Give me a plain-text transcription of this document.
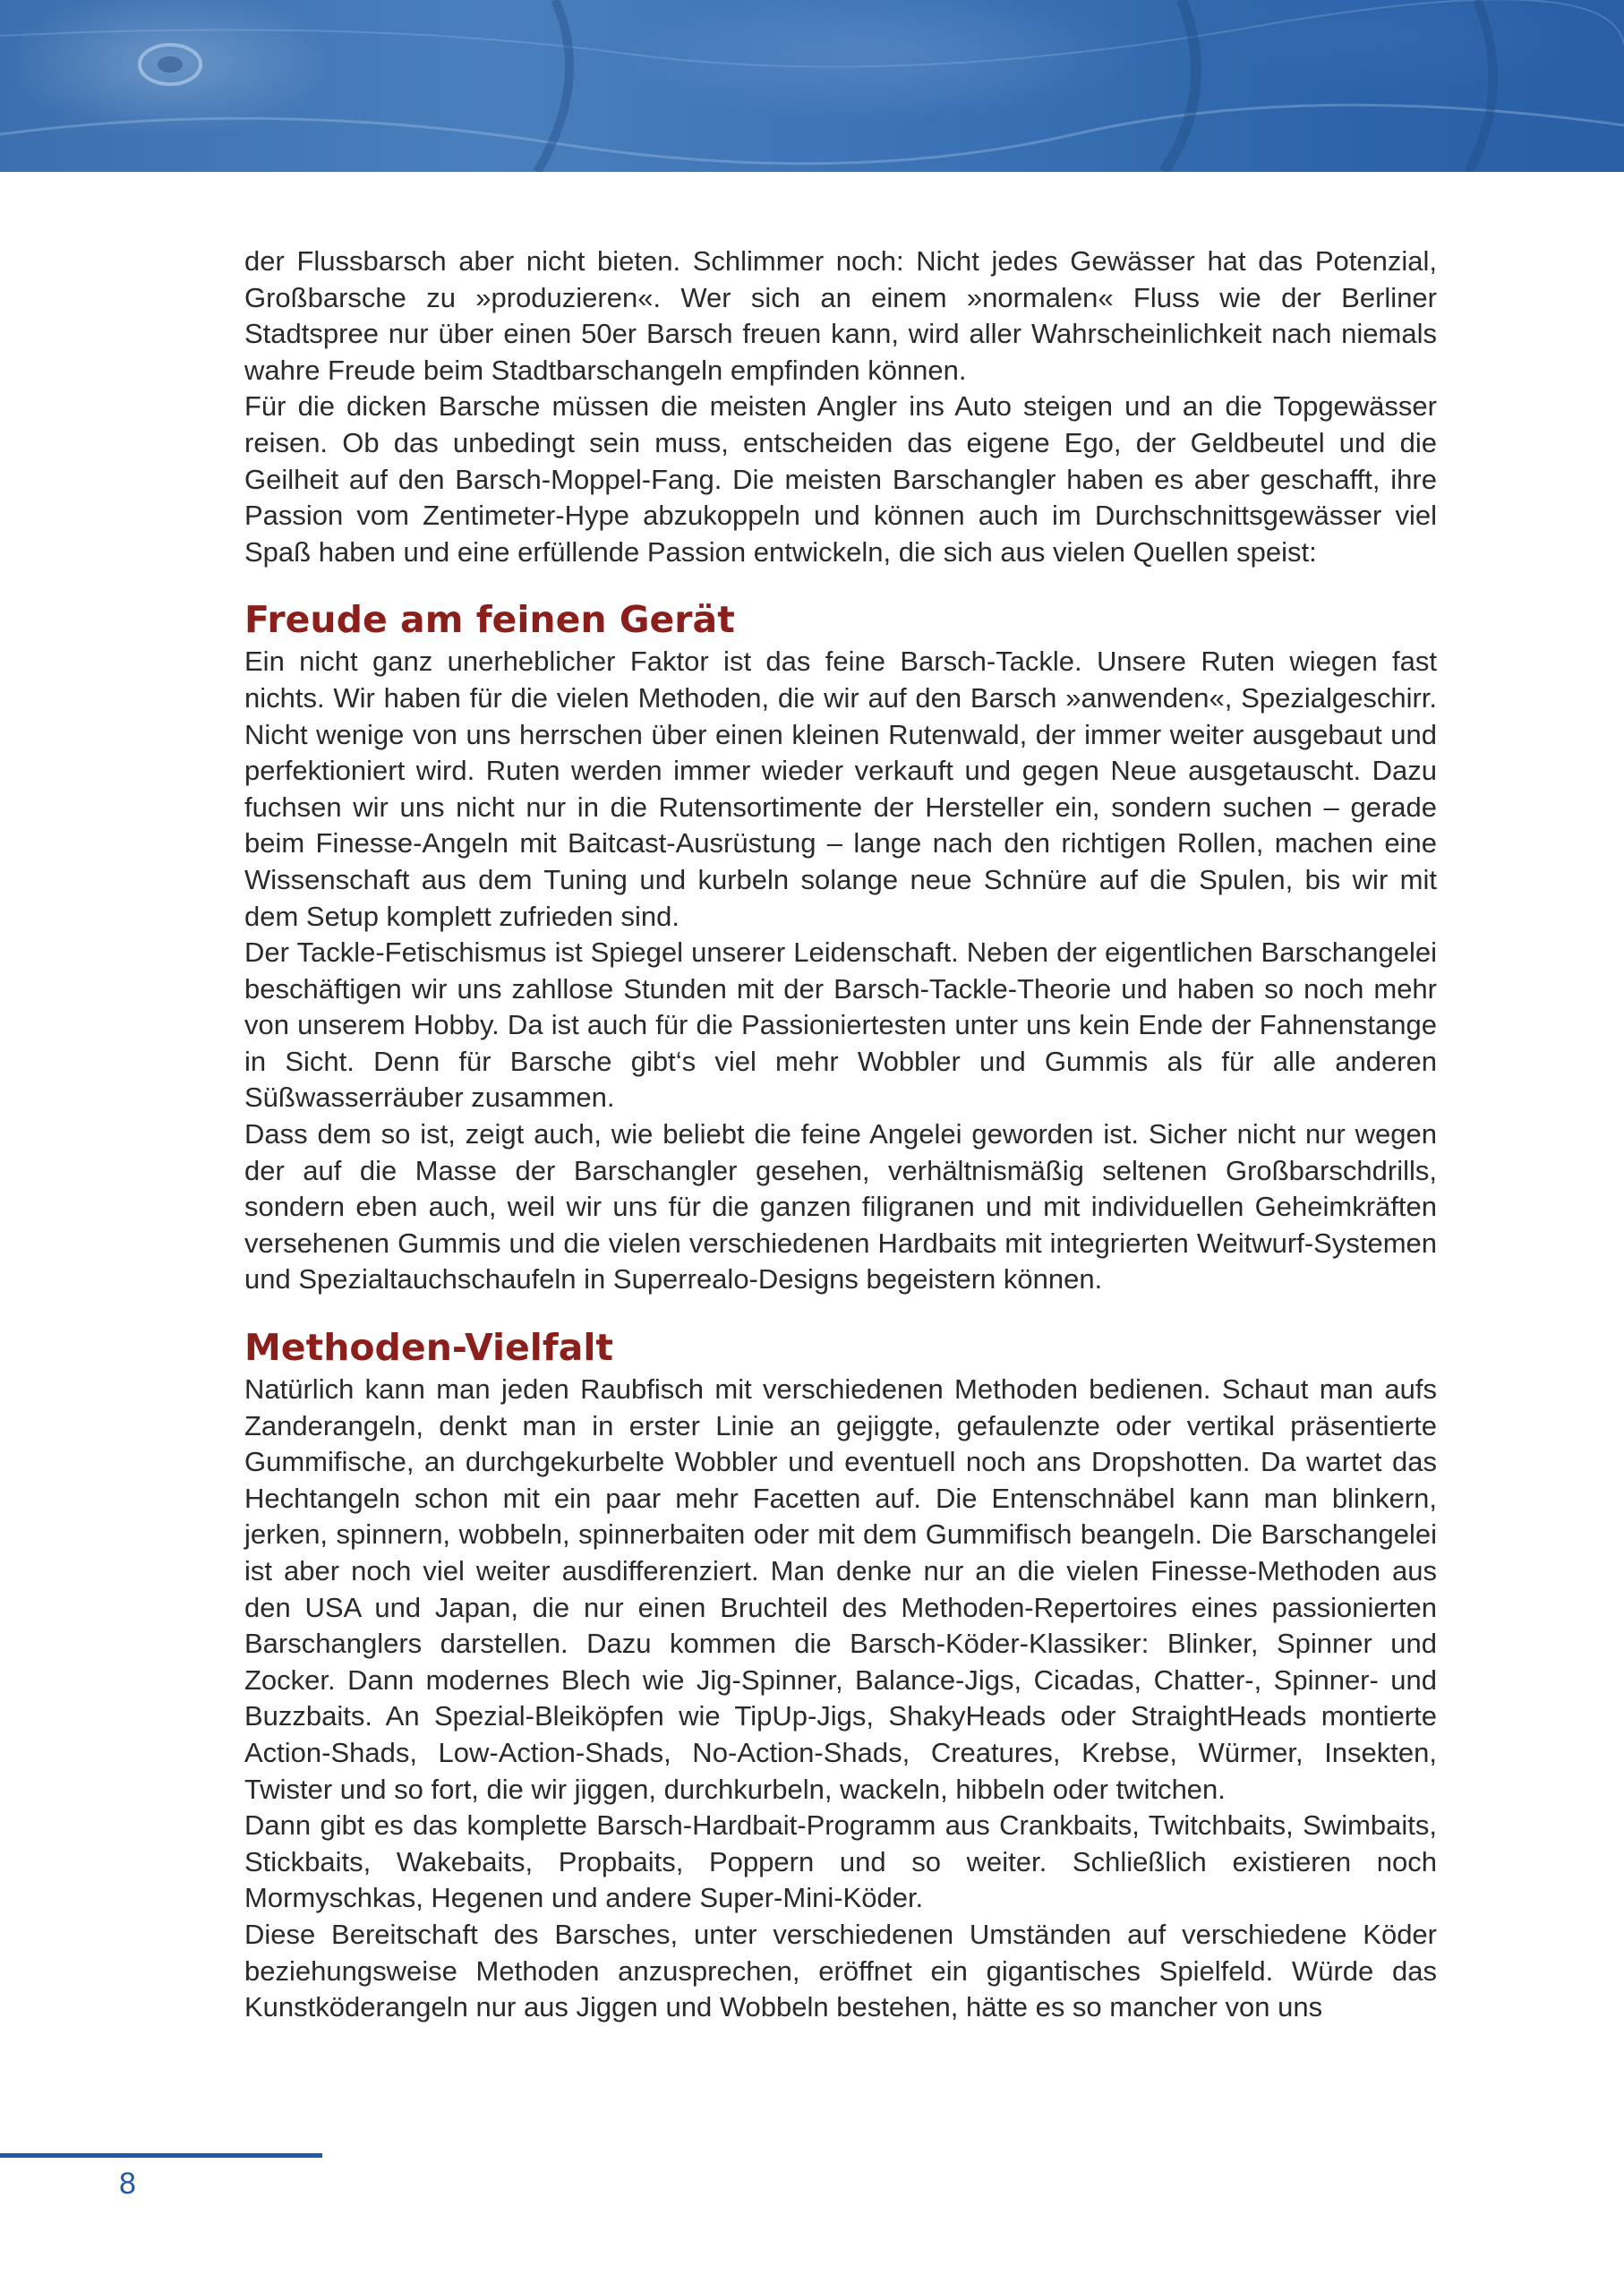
der Flussbarsch aber nicht bieten. Schlimmer noch: Nicht jedes Gewässer hat das Potenzial, Großbarsche zu »produzieren«. Wer sich an einem »normalen« Fluss wie der Berliner Stadtspree nur über einen 50er Barsch freuen kann, wird aller Wahrscheinlichkeit nach niemals wahre Freude beim Stadtbarschangeln empfinden können.

Für die dicken Barsche müssen die meisten Angler ins Auto steigen und an die Topgewässer reisen. Ob das unbedingt sein muss, entscheiden das eigene Ego, der Geldbeutel und die Geilheit auf den Barsch-Moppel-Fang. Die meisten Barschangler haben es aber geschafft, ihre Passion vom Zentimeter-Hype abzukoppeln und können auch im Durchschnittsgewässer viel Spaß haben und eine erfüllende Passion entwickeln, die sich aus vielen Quellen speist:

Freude am feinen Gerät

Ein nicht ganz unerheblicher Faktor ist das feine Barsch-Tackle. Unsere Ruten wiegen fast nichts. Wir haben für die vielen Methoden, die wir auf den Barsch »anwenden«, Spezialgeschirr. Nicht wenige von uns herrschen über einen kleinen Rutenwald, der immer weiter ausgebaut und perfektioniert wird. Ruten werden immer wieder verkauft und gegen Neue ausgetauscht. Dazu fuchsen wir uns nicht nur in die Rutensortimente der Hersteller ein, sondern suchen – gerade beim Finesse-Angeln mit Baitcast-Ausrüstung – lange nach den richtigen Rollen, machen eine Wissenschaft aus dem Tuning und kurbeln solange neue Schnüre auf die Spulen, bis wir mit dem Setup komplett zufrieden sind.

Der Tackle-Fetischismus ist Spiegel unserer Leidenschaft. Neben der eigentlichen Barschangelei beschäftigen wir uns zahllose Stunden mit der Barsch-Tackle-Theorie und haben so noch mehr von unserem Hobby. Da ist auch für die Passioniertesten unter uns kein Ende der Fahnenstange in Sicht. Denn für Barsche gibt‘s viel mehr Wobbler und Gummis als für alle anderen Süßwasserräuber zusammen.

Dass dem so ist, zeigt auch, wie beliebt die feine Angelei geworden ist. Sicher nicht nur wegen der auf die Masse der Barschangler gesehen, verhältnismäßig seltenen Großbarschdrills, sondern eben auch, weil wir uns für die ganzen filigranen und mit individuellen Geheimkräften versehenen Gummis und die vielen verschiedenen Hardbaits mit integrierten Weitwurf-Systemen und Spezialtauchschaufeln in Superrealo-Designs begeistern können.

Methoden-Vielfalt

Natürlich kann man jeden Raubfisch mit verschiedenen Methoden bedienen. Schaut man aufs Zanderangeln, denkt man in erster Linie an gejiggte, gefaulenzte oder vertikal präsentierte Gummifische, an durchgekurbelte Wobbler und eventuell noch ans Dropshotten. Da wartet das Hechtangeln schon mit ein paar mehr Facetten auf. Die Entenschnäbel kann man blinkern, jerken, spinnern, wobbeln, spinnerbaiten oder mit dem Gummifisch beangeln. Die Barschangelei ist aber noch viel weiter ausdifferenziert. Man denke nur an die vielen Finesse-Methoden aus den USA und Japan, die nur einen Bruchteil des Methoden-Repertoires eines passionierten Barschanglers darstellen. Dazu kommen die Barsch-Köder-Klassiker: Blinker, Spinner und Zocker. Dann modernes Blech wie Jig-Spinner, Balance-Jigs, Cicadas, Chatter-, Spinner- und Buzzbaits. An Spezial-Bleiköpfen wie TipUp-Jigs, ShakyHeads oder StraightHeads montierte Action-Shads, Low-Action-Shads, No-Action-Shads, Creatures, Krebse, Würmer, Insekten, Twister und so fort, die wir jiggen, durchkurbeln, wackeln, hibbeln oder twitchen.

Dann gibt es das komplette Barsch-Hardbait-Programm aus Crankbaits, Twitchbaits, Swimbaits, Stickbaits, Wakebaits, Propbaits, Poppern und so weiter. Schließlich existieren noch Mormyschkas, Hegenen und andere Super-Mini-Köder.

Diese Bereitschaft des Barsches, unter verschiedenen Umständen auf verschiedene Köder beziehungsweise Methoden anzusprechen, eröffnet ein gigantisches Spielfeld. Würde das Kunstköderangeln nur aus Jiggen und Wobbeln bestehen, hätte es so mancher von uns

8
